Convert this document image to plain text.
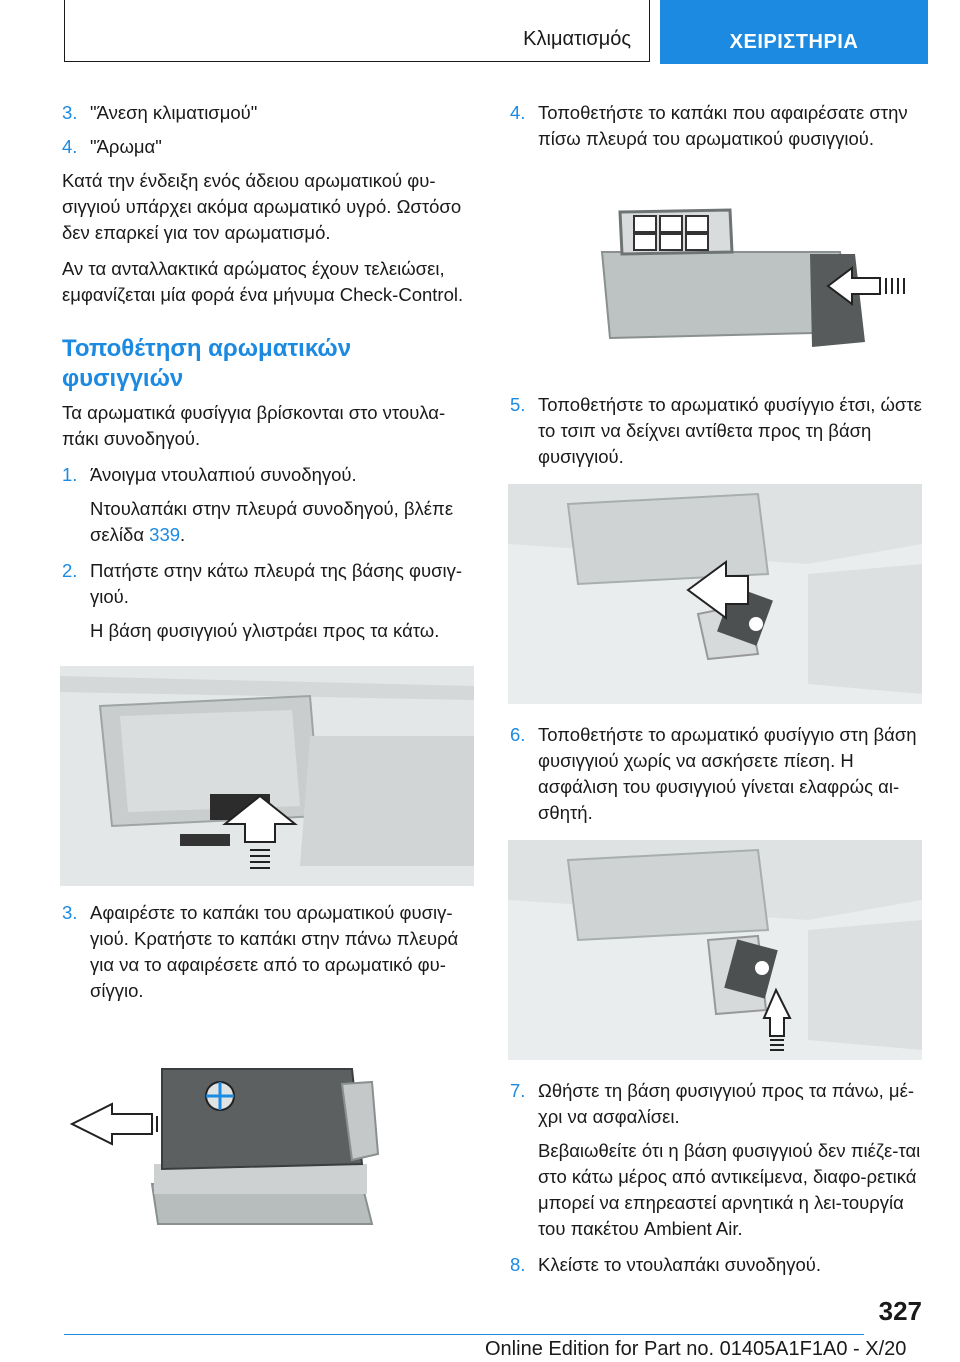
Κλιματισμός	ΧΕΙΡΙΣΤΗΡΙΑ
3. "Άνεση κλιματισμού"
4. "Άρωμα"

Κατά την ένδειξη ενός άδειου αρωματικού φυ-σιγγιού υπάρχει ακόμα αρωματικό υγρό. Ωστόσο δεν επαρκεί για τον αρωματισμό.

Αν τα ανταλλακτικά αρώματος έχουν τελειώσει, εμφανίζεται μία φορά ένα μήνυμα Check-Control.

Τοποθέτηση αρωματικών φυσιγγιών

Τα αρωματικά φυσίγγια βρίσκονται στο ντουλα-πάκι συνοδηγού.

1. Άνοιγμα ντουλαπιού συνοδηγού.
Ντουλαπάκι στην πλευρά συνοδηγού, βλέπε σελίδα 339.
2. Πατήστε στην κάτω πλευρά της βάσης φυσιγ-γιού.
Η βάση φυσιγγιού γλιστράει προς τα κάτω.
3. Αφαιρέστε το καπάκι του αρωματικού φυσιγ-γιού. Κρατήστε το καπάκι στην πάνω πλευρά για να το αφαιρέσετε από το αρωματικό φυ-σίγγιο.
4. Τοποθετήστε το καπάκι που αφαιρέσατε στην πίσω πλευρά του αρωματικού φυσιγγιού.
5. Τοποθετήστε το αρωματικό φυσίγγιο έτσι, ώστε το τσιπ να δείχνει αντίθετα προς τη βάση φυσιγγιού.
6. Τοποθετήστε το αρωματικό φυσίγγιο στη βάση φυσιγγιού χωρίς να ασκήσετε πίεση. Η ασφάλιση του φυσιγγιού γίνεται ελαφρώς αι-σθητή.
7. Ωθήστε τη βάση φυσιγγιού προς τα πάνω, μέ-χρι να ασφαλίσει.
Βεβαιωθείτε ότι η βάση φυσιγγιού δεν πιέζε-ται στο κάτω μέρος από αντικείμενα, διαφο-ρετικά μπορεί να επηρεαστεί αρνητικά η λει-τουργία του πακέτου Ambient Air.
8. Κλείστε το ντουλαπάκι συνοδηγού.
327
Online Edition for Part no. 01405A1F1A0 - X/20
